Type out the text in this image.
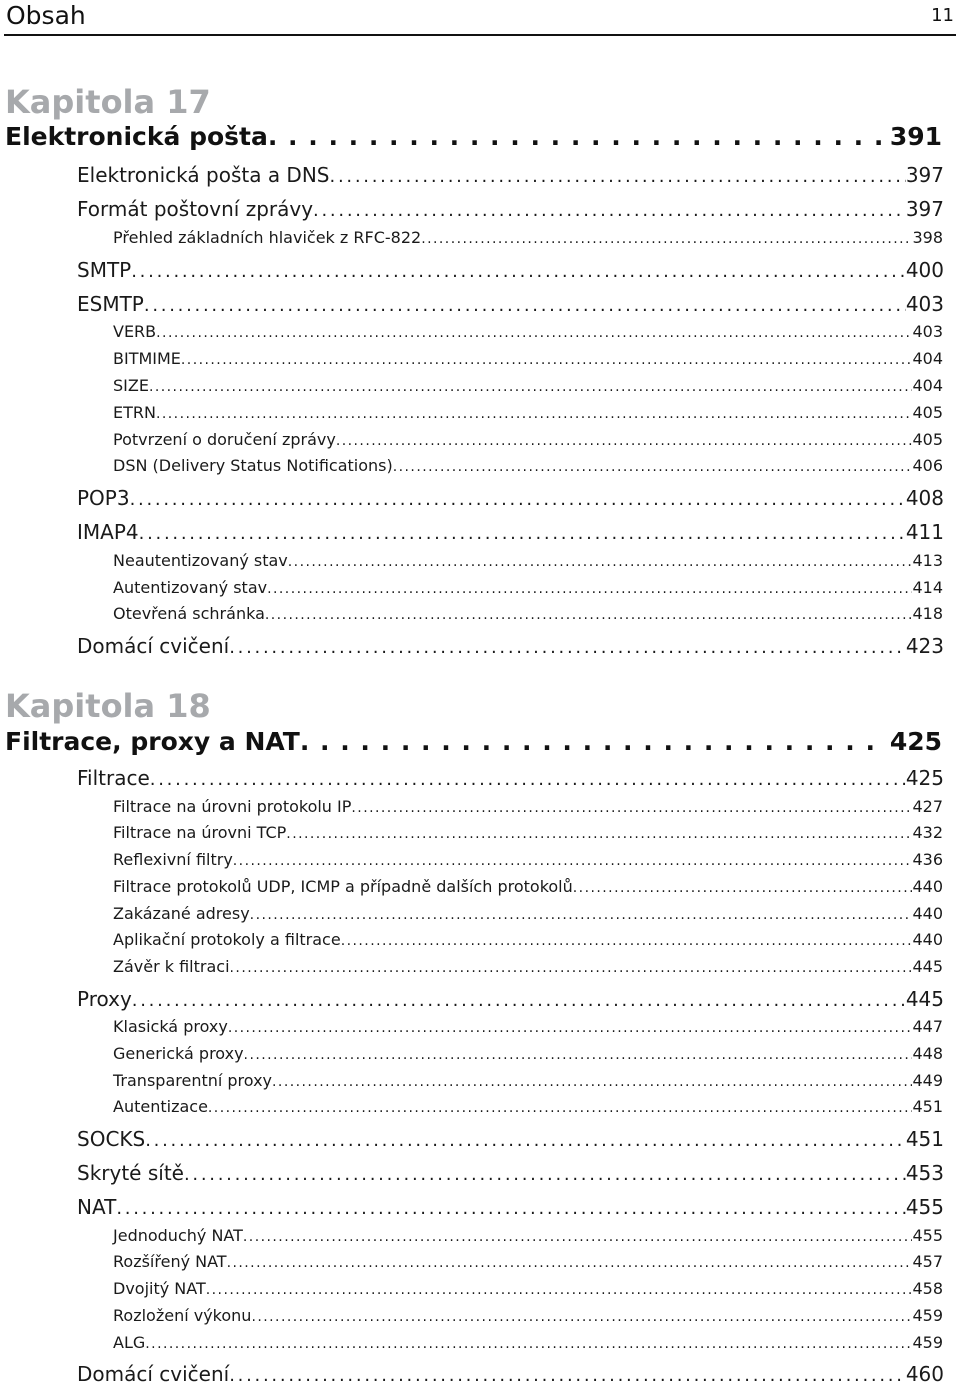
Obsah	11
Kapitola 17
Elektronická pošta . . .	391
Elektronická pošta a DNS . . .	397
Formát poštovní zprávy . . .	397
Přehled základních hlaviček z RFC-822 . . .	398
SMTP . . .	400
ESMTP . . .	403
VERB . . .	403
BITMIME . . .	404
SIZE . . .	404
ETRN . . .	405
Potvrzení o doručení zprávy . . .	405
DSN (Delivery Status Notifications) . . .	406
POP3 . . .	408
IMAP4 . . .	411
Neautentizovaný stav . . .	413
Autentizovaný stav . . .	414
Otevřená schránka . . .	418
Domácí cvičení . . .	423
Kapitola 18
Filtrace, proxy a NAT . . .	425
Filtrace . . .	425
Filtrace na úrovni protokolu IP . . .	427
Filtrace na úrovni TCP . . .	432
Reflexivní filtry . . .	436
Filtrace protokolů UDP, ICMP a případně dalších protokolů . . .	440
Zakázané adresy . . .	440
Aplikační protokoly a filtrace . . .	440
Závěr k filtraci . . .	445
Proxy . . .	445
Klasická proxy . . .	447
Generická proxy . . .	448
Transparentní proxy . . .	449
Autentizace . . .	451
SOCKS . . .	451
Skryté sítě . . .	453
NAT . . .	455
Jednoduchý NAT . . .	455
Rozšířený NAT . . .	457
Dvojitý NAT . . .	458
Rozložení výkonu . . .	459
ALG . . .	459
Domácí cvičení . . .	460
